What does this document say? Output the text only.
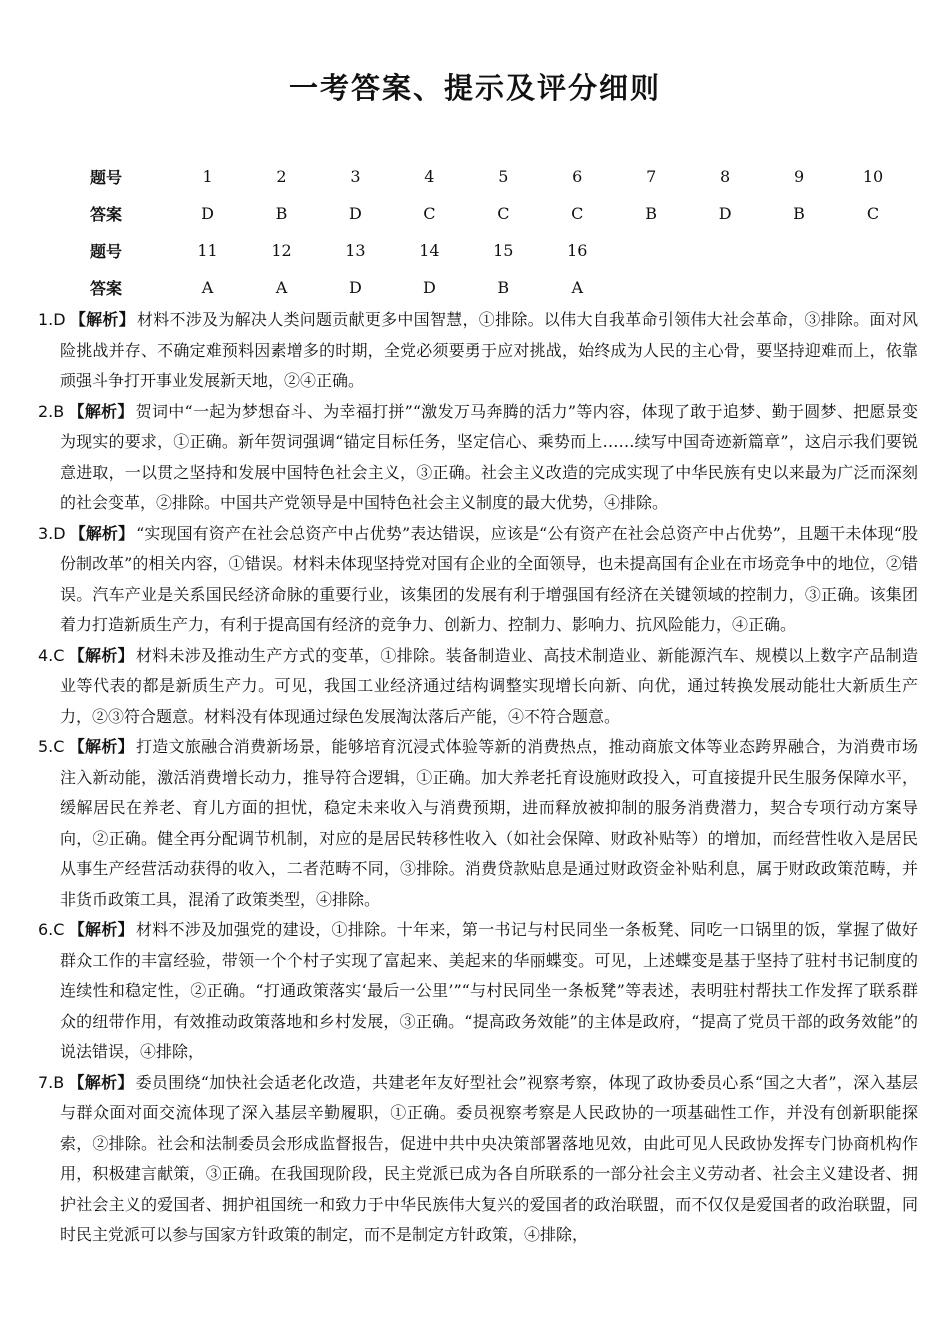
一考答案、提示及评分细则
题号	1	2	3	4	5	6	7	8	9	10
答案	D	B	D	C	C	C	B	D	B	C
题号	11	12	13	14	15	16				
答案	A	A	D	D	B	A				

1.D 【解析】 材料不涉及为解决人类问题贡献更多中国智慧，①排除。以伟大自我革命引领伟大社会革命，③排除。面对风险挑战并存、不确定难预料因素增多的时期，全党必须要勇于应对挑战，始终成为人民的主心骨，要坚持迎难而上，依靠顽强斗争打开事业发展新天地，②④正确。

2.B 【解析】 贺词中“一起为梦想奋斗、为幸福打拼”“激发万马奔腾的活力”等内容，体现了敢于追梦、勤于圆梦、把愿景变为现实的要求，①正确。新年贺词强调“锚定目标任务，坚定信心、乘势而上……续写中国奇迹新篇章”，这启示我们要锐意进取，一以贯之坚持和发展中国特色社会主义，③正确。社会主义改造的完成实现了中华民族有史以来最为广泛而深刻的社会变革，②排除。中国共产党领导是中国特色社会主义制度的最大优势，④排除。

3.D 【解析】 “实现国有资产在社会总资产中占优势”表达错误，应该是“公有资产在社会总资产中占优势”，且题干未体现“股份制改革”的相关内容，①错误。材料未体现坚持党对国有企业的全面领导，也未提高国有企业在市场竞争中的地位，②错误。汽车产业是关系国民经济命脉的重要行业，该集团的发展有利于增强国有经济在关键领域的控制力，③正确。该集团着力打造新质生产力，有利于提高国有经济的竞争力、创新力、控制力、影响力、抗风险能力，④正确。

4.C 【解析】 材料未涉及推动生产方式的变革，①排除。装备制造业、高技术制造业、新能源汽车、规模以上数字产品制造业等代表的都是新质生产力。可见，我国工业经济通过结构调整实现增长向新、向优，通过转换发展动能壮大新质生产力，②③符合题意。材料没有体现通过绿色发展淘汰落后产能，④不符合题意。

5.C 【解析】 打造文旅融合消费新场景，能够培育沉浸式体验等新的消费热点，推动商旅文体等业态跨界融合，为消费市场注入新动能，激活消费增长动力，推导符合逻辑，①正确。加大养老托育设施财政投入，可直接提升民生服务保障水平，缓解居民在养老、育儿方面的担忧，稳定未来收入与消费预期，进而释放被抑制的服务消费潜力，契合专项行动方案导向，②正确。健全再分配调节机制，对应的是居民转移性收入（如社会保障、财政补贴等）的增加，而经营性收入是居民从事生产经营活动获得的收入，二者范畴不同，③排除。消费贷款贴息是通过财政资金补贴利息，属于财政政策范畴，并非货币政策工具，混淆了政策类型，④排除。

6.C 【解析】 材料不涉及加强党的建设，①排除。十年来，第一书记与村民同坐一条板凳、同吃一口锅里的饭，掌握了做好群众工作的丰富经验，带领一个个村子实现了富起来、美起来的华丽蝶变。可见，上述蝶变是基于坚持了驻村书记制度的连续性和稳定性，②正确。“打通政策落实‘最后一公里’”“与村民同坐一条板凳”等表述，表明驻村帮扶工作发挥了联系群众的纽带作用，有效推动政策落地和乡村发展，③正确。“提高政务效能”的主体是政府，“提高了党员干部的政务效能”的说法错误，④排除，

7.B 【解析】 委员围绕“加快社会适老化改造，共建老年友好型社会”视察考察，体现了政协委员心系“国之大者”，深入基层与群众面对面交流体现了深入基层辛勤履职，①正确。委员视察考察是人民政协的一项基础性工作，并没有创新职能探索，②排除。社会和法制委员会形成监督报告，促进中共中央决策部署落地见效，由此可见人民政协发挥专门协商机构作用，积极建言献策，③正确。在我国现阶段，民主党派已成为各自所联系的一部分社会主义劳动者、社会主义建设者、拥护社会主义的爱国者、拥护祖国统一和致力于中华民族伟大复兴的爱国者的政治联盟，而不仅仅是爱国者的政治联盟，同时民主党派可以参与国家方针政策的制定，而不是制定方针政策，④排除，
